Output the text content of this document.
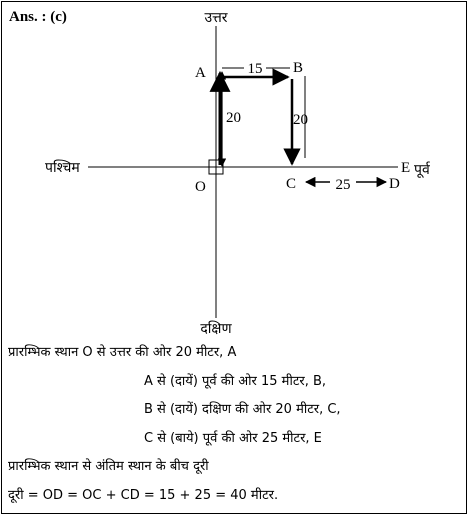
Ans. : (c)	उत्तर
दक्षिण
पश्चिम	पूर्व
20
15
20
25
A	B
C	D
E
O
प्रारम्भिक स्थान O से उत्तर की ओर 20 मीटर, A
A से (दायें) पूर्व की ओर 15 मीटर, B,
B से (दायें) दक्षिण की ओर 20 मीटर, C,
C से (बाये) पूर्व की ओर 25 मीटर, E
प्रारम्भिक स्थान से अंतिम स्थान के बीच दूरी
दूरी = OD = OC + CD = 15 + 25 = 40 मीटर.
